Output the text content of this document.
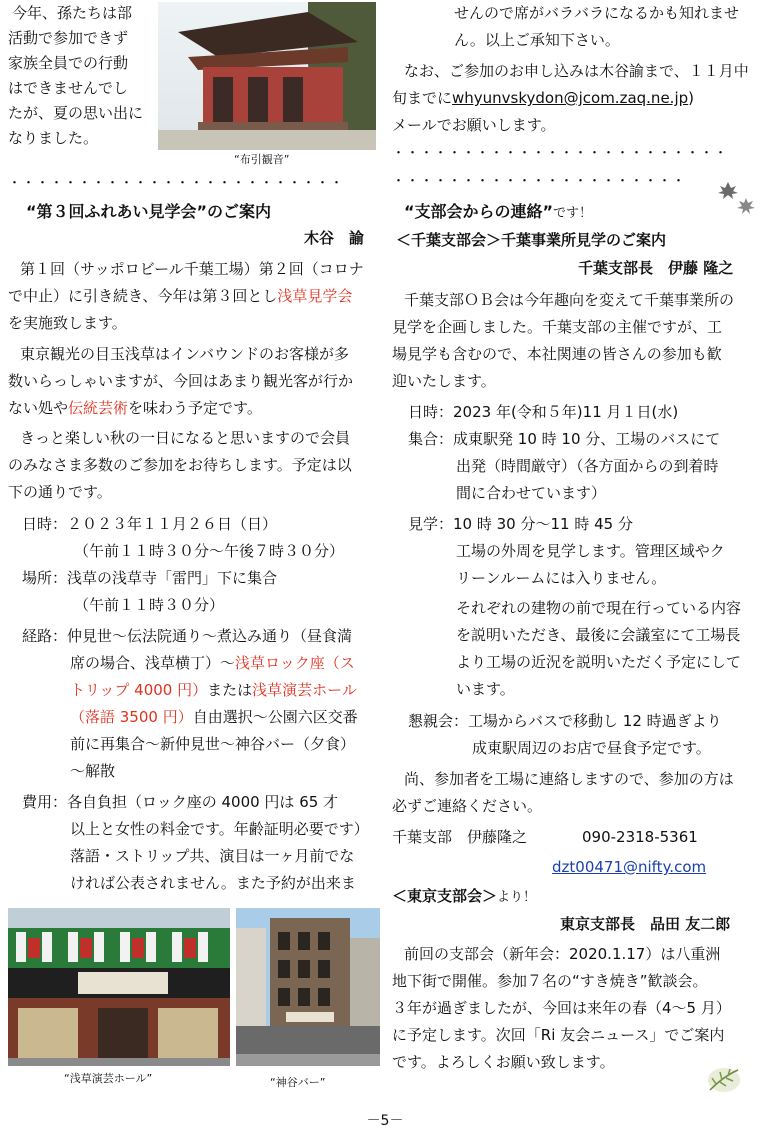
今年、孫たちは部
活動で参加できず
家族全員での行動
はできませんでし
たが、夏の思い出に
なりました。
“布引観音”
・・・・・・・・・・・・・・・・・・・・・・・・
“第３回ふれあい見学会”のご案内
木谷　諭
第１回（サッポロビール千葉工場）第２回（コロナ
で中止）に引き続き、今年は第３回とし浅草見学会
を実施致します。
東京観光の目玉浅草はインバウンドのお客様が多
数いらっしゃいますが、今回はあまり観光客が行か
ない処や伝統芸術を味わう予定です。
きっと楽しい秋の一日になると思いますので会員
のみなさま多数のご参加をお待ちします。予定は以
下の通りです。
日時：２０２３年１１月２６日（日）
（午前１１時３０分～午後７時３０分）
場所：浅草の浅草寺「雷門」下に集合
（午前１１時３０分）
経路：仲見世～伝法院通り～煮込み通り（昼食満
席の場合、浅草横丁）～浅草ロック座（ス
トリップ 4000 円）または浅草演芸ホール
（落語 3500 円）自由選択～公園六区交番
前に再集合～新仲見世～神谷バー（夕食）
～解散
費用：各自負担（ロック座の 4000 円は 65 才
以上と女性の料金です。年齢証明必要です）
落語・ストリップ共、演目は一ヶ月前でな
ければ公表されません。また予約が出来ま
“浅草演芸ホール”	“神谷バー”
せんので席がバラバラになるかも知れませ
ん。以上ご承知下さい。
なお、ご参加のお申し込みは木谷諭まで、１１月中
旬までにwhyunvskydon@jcom.zaq.ne.jp)
メールでお願いします。
・・・・・・・・・・・・・・・・・・・・・・・・
・・・・・・・・・・・・・・・・・・・・・
“支部会からの連絡”です！
＜千葉支部会＞千葉事業所見学のご案内
千葉支部長　伊藤 隆之
千葉支部ＯＢ会は今年趣向を変えて千葉事業所の
見学を企画しました。千葉支部の主催ですが、工
場見学も含むので、本社関連の皆さんの参加も歓
迎いたします。
日時：2023 年(令和５年)11 月１日(水)
集合：成東駅発 10 時 10 分、工場のバスにて
出発（時間厳守）（各方面からの到着時
間に合わせています）
見学：10 時 30 分～11 時 45 分
工場の外周を見学します。管理区域やク
リーンルームには入りません。
それぞれの建物の前で現在行っている内容
を説明いただき、最後に会議室にて工場長
より工場の近況を説明いただく予定にして
います。
懇親会：工場からバスで移動し 12 時過ぎより
成東駅周辺のお店で昼食予定です。
尚、参加者を工場に連絡しますので、参加の方は
必ずご連絡ください。
千葉支部　伊藤隆之	090-2318-5361
dzt00471@nifty.com
＜東京支部会＞より！
東京支部長　品田 友二郎
前回の支部会（新年会：2020.1.17）は八重洲
地下街で開催。参加７名の“すき焼き”歓談会。
３年が過ぎましたが、今回は来年の春（4～5 月）
に予定します。次回「Ri 友会ニュース」でご案内
です。よろしくお願い致します。
－5－
